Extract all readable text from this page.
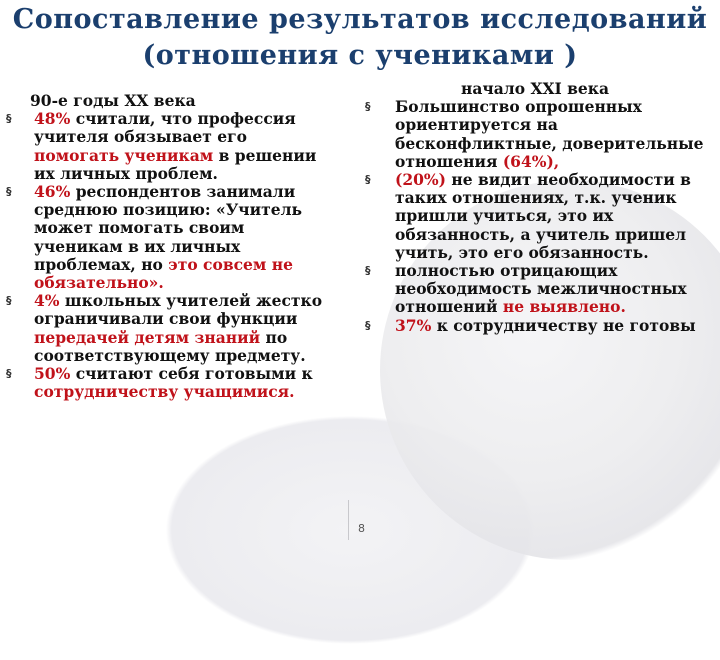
Сопоставление результатов исследований
(отношения с учениками )
90-е годы XX века
§ 48% считали, что профессия
учителя обязывает его
помогать ученикам в решении
их личных проблем.
§ 46% респондентов занимали
среднюю позицию: «Учитель
может помогать своим
ученикам в их личных
проблемах, но это совсем не
обязательно».
§ 4% школьных учителей жестко
ограничивали свои функции
передачей детям знаний по
соответствующему предмету.
§ 50% считают себя готовыми к
сотрудничеству учащимися.
начало XXI века
§ Большинство опрошенных
ориентируется на
бесконфликтные, доверительные
отношения (64%),
§ (20%) не видит необходимости в
таких отношениях, т.к. ученик
пришли учиться, это их
обязанность, а учитель пришел
учить, это его обязанность.
§ полностью отрицающих
необходимость межличностных
отношений не выявлено.
§ 37% к сотрудничеству не готовы
8
